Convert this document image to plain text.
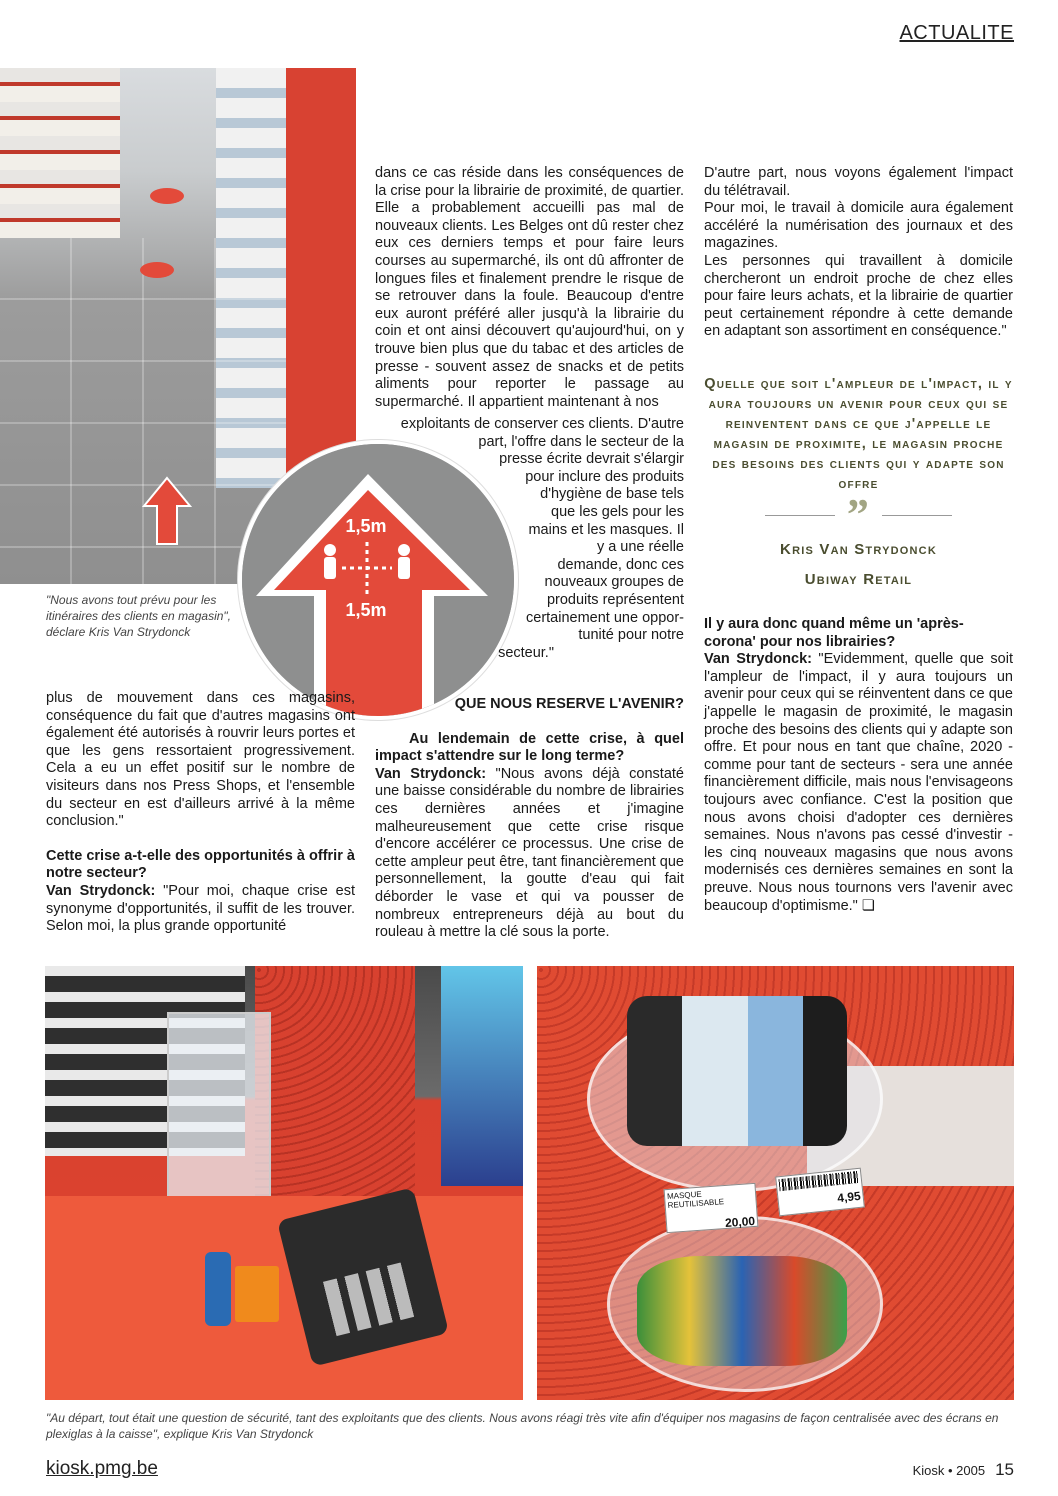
ACTUALITE
"Nous avons tout prévu pour les itinéraires des clients en magasin", déclare Kris Van Strydonck
1,5m
1,5m

plus de mouvement dans ces magasins, conséquence du fait que d'autres magasins ont également été autorisés à rouvrir leurs portes et que les gens ressortaient progressivement. Cela a eu un effet positif sur le nombre de visiteurs dans nos Press Shops, et l'ensemble du secteur en est d'ailleurs arrivé à la même conclusion."

Cette crise a-t-elle des opportunités à offrir à notre secteur?

Van Strydonck: "Pour moi, chaque crise est synonyme d'opportunités, il suffit de les trouver. Selon moi, la plus grande opportunité

dans ce cas réside dans les conséquences de la crise pour la librairie de proximité, de quartier. Elle a probablement accueilli pas mal de nouveaux clients. Les Belges ont dû rester chez eux ces derniers temps et pour faire leurs courses au supermarché, ils ont dû affronter de longues files et finalement prendre le risque de se retrouver dans la foule. Beaucoup d'entre eux auront préféré aller jusqu'à la librairie du coin et ont ainsi découvert qu'aujourd'hui, on y trouve bien plus que du tabac et des articles de presse - souvent assez de snacks et de petits aliments pour reporter le passage au supermarché. Il appartient maintenant à nos

exploitants de conserver ces clients. D'autre
part, l'offre dans le secteur de la
presse écrite devrait s'élargir
pour inclure des produits
d'hygiène de base tels
que les gels pour les
mains et les masques. Il
y a une réelle
demande, donc ces
nouveaux groupes de
produits représentent
certainement une oppor-
tunité pour notre
secteur."

QUE NOUS RESERVE L'AVENIR?

Au lendemain de cette crise, à quel impact s'attendre sur le long terme?

Van Strydonck: "Nous avons déjà constaté une baisse considérable du nombre de librairies ces dernières années et j'imagine malheureusement que cette crise risque d'encore accélérer ce processus. Une crise de cette ampleur peut être, tant financièrement que personnellement, la goutte d'eau qui fait déborder le vase et qui va pousser de nombreux entrepreneurs déjà au bout du rouleau à mettre la clé sous la porte.

D'autre part, nous voyons également l'impact du télétravail.

Pour moi, le travail à domicile aura également accéléré la numérisation des journaux et des magazines.

Les personnes qui travaillent à domicile chercheront un endroit proche de chez elles pour faire leurs achats, et la librairie de quartier peut certainement répondre à cette demande en adaptant son assortiment en conséquence."

Quelle que soit l'ampleur de l'impact, il y aura toujours un avenir pour ceux qui se reinventent dans ce que j'appelle le magasin de proximite, le magasin proche des besoins des clients qui y adapte son offre
”
Kris Van Strydonck
Ubiway Retail

Il y aura donc quand même un 'après-corona' pour nos librairies?

Van Strydonck: "Evidemment, quelle que soit l'ampleur de l'impact, il y aura toujours un avenir pour ceux qui se réinventent dans ce que j'appelle le magasin de proximité, le magasin proche des besoins des clients qui y adapte son offre. Et pour nous en tant que chaîne, 2020 - comme pour tant de secteurs - sera une année financièrement difficile, mais nous l'envisageons toujours avec confiance. C'est la position que nous avons choisi d'adopter ces dernières semaines. Nous n'avons pas cessé d'investir - les cinq nouveaux magasins que nous avons modernisés ces dernières semaines en sont la preuve. Nous nous tournons vers l'avenir avec beaucoup d'optimisme." ❏

MASQUE REUTILISABLE
20,00
4,95
"Au départ, tout était une question de sécurité, tant des exploitants que des clients. Nous avons réagi très vite afin d'équiper nos magasins de façon centralisée avec des écrans en plexiglas à la caisse", explique Kris Van Strydonck
kiosk.pmg.be	Kiosk • 2005 15
